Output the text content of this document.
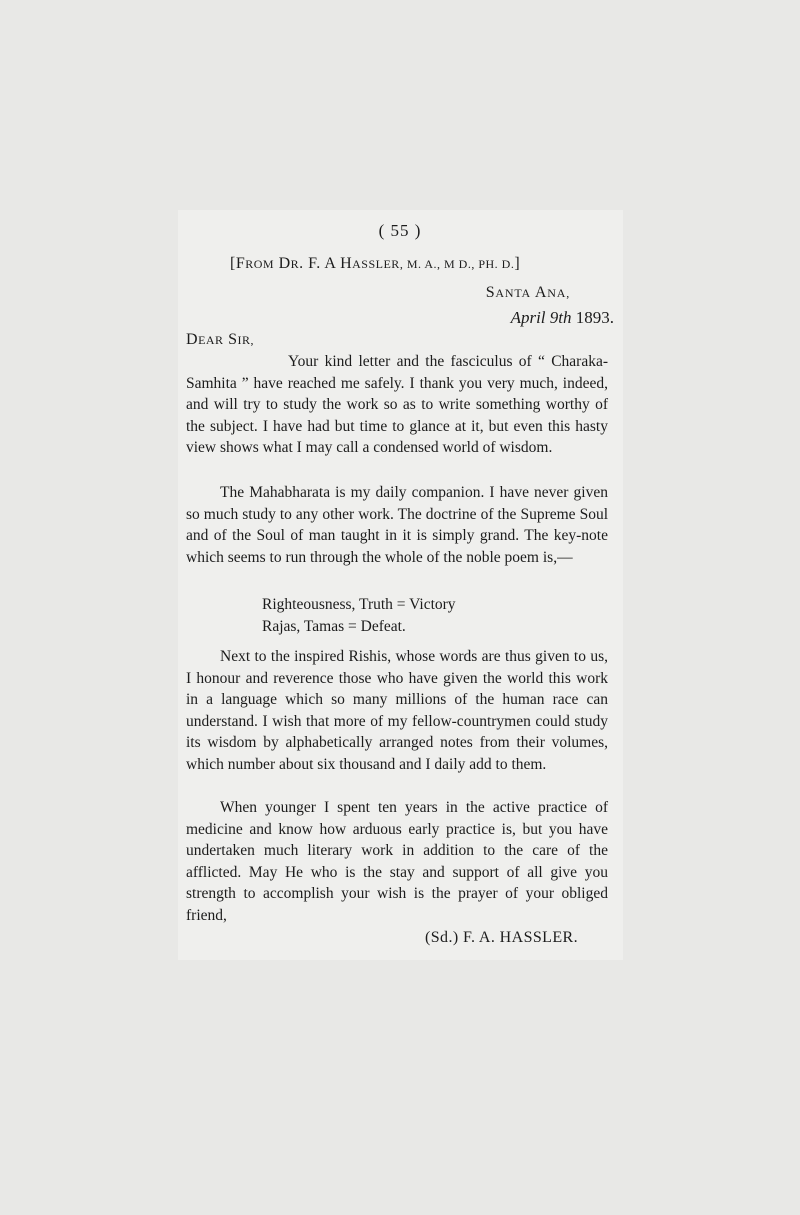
( 55 )
[FROM DR. F. A HASSLER, M. A., M D., PH. D.]
SANTA ANA,
April 9th 1893.
DEAR SIR,

Your kind letter and the fasciculus of “ Charaka-Samhita ” have reached me safely. I thank you very much, indeed, and will try to study the work so as to write something worthy of the subject. I have had but time to glance at it, but even this hasty view shows what I may call a condensed world of wisdom.

The Mahabharata is my daily companion. I have never given so much study to any other work. The doctrine of the Supreme Soul and of the Soul of man taught in it is simply grand. The key-note which seems to run through the whole of the noble poem is,—

Righteousness, Truth = Victory
Rajas, Tamas = Defeat.

Next to the inspired Rishis, whose words are thus given to us, I honour and reverence those who have given the world this work in a language which so many millions of the human race can understand. I wish that more of my fellow-countrymen could study its wisdom by alphabetically arranged notes from their volumes, which number about six thousand and I daily add to them.

When younger I spent ten years in the active practice of medicine and know how arduous early practice is, but you have undertaken much literary work in addition to the care of the afflicted. May He who is the stay and support of all give you strength to accomplish your wish is the prayer of your obliged friend,

(Sd.) F. A. HASSLER.
